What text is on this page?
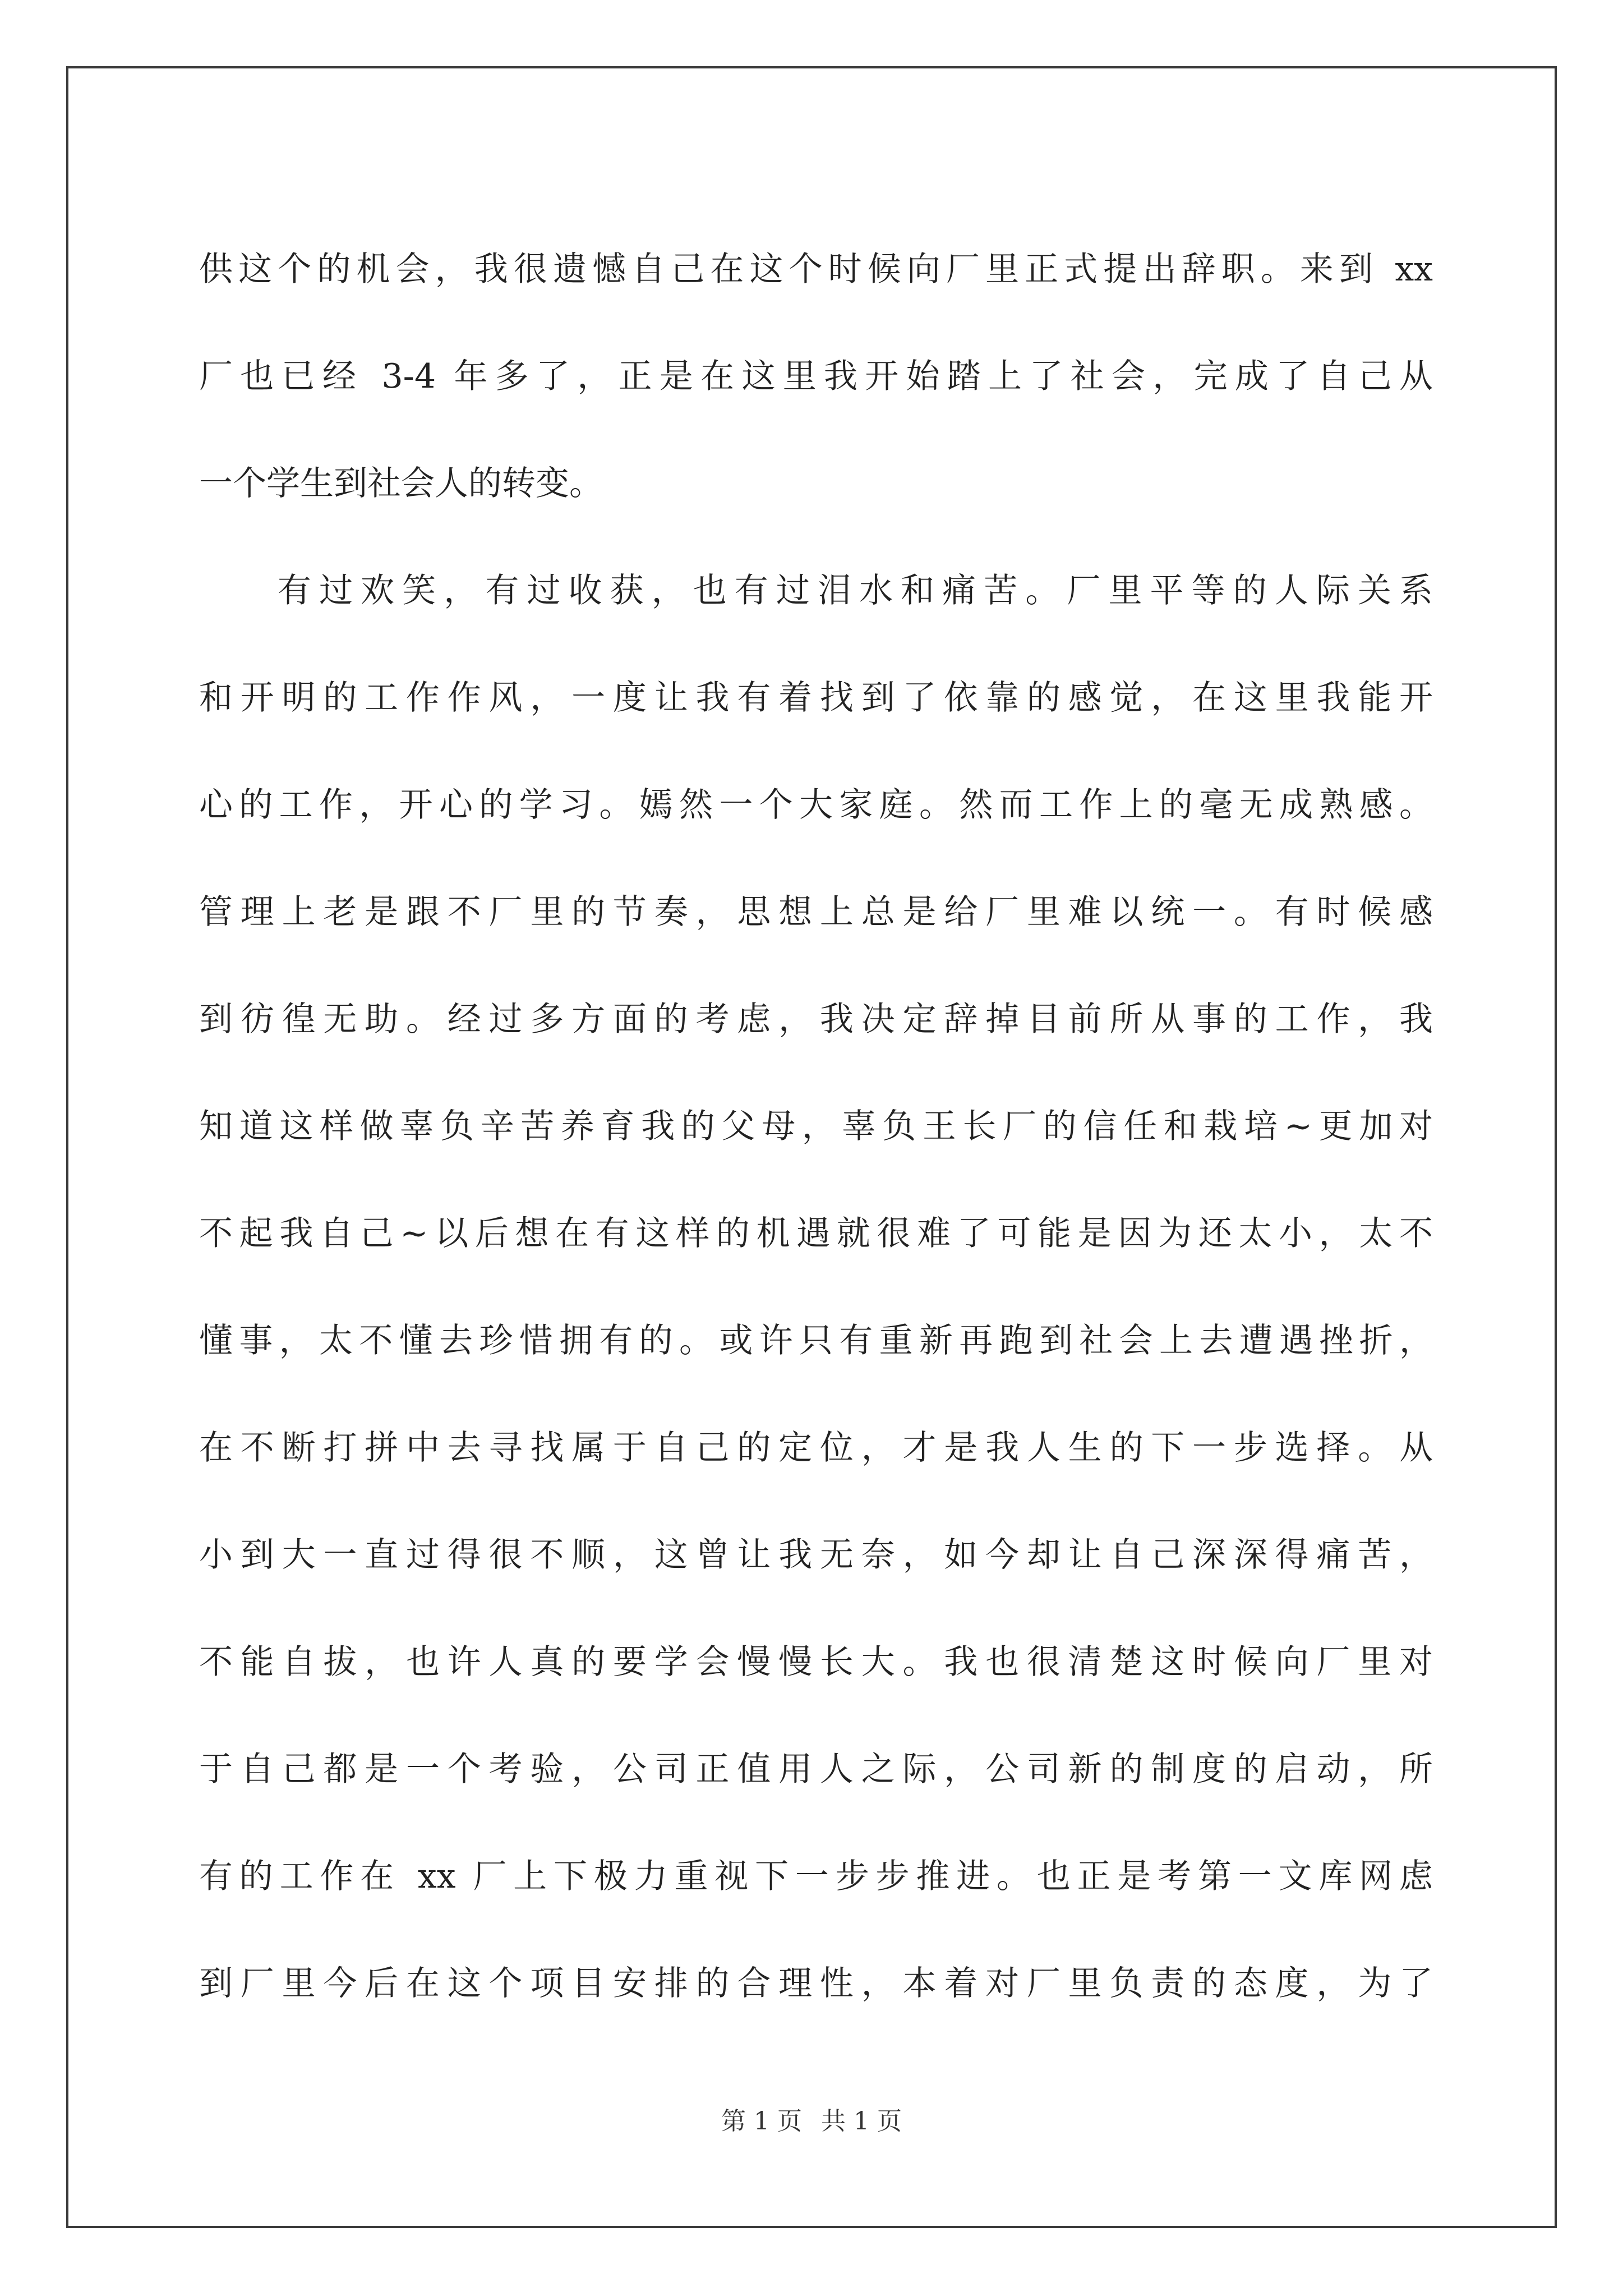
供这个的机会，我很遗憾自己在这个时候向厂里正式提出辞职。来到 xx
厂也已经 3-4 年多了，正是在这里我开始踏上了社会，完成了自己从
一个学生到社会人的转变。
有过欢笑，有过收获，也有过泪水和痛苦。厂里平等的人际关系
和开明的工作作风，一度让我有着找到了依靠的感觉，在这里我能开
心的工作，开心的学习。嫣然一个大家庭。然而工作上的毫无成熟感。
管理上老是跟不厂里的节奏，思想上总是给厂里难以统一。有时候感
到彷徨无助。经过多方面的考虑，我决定辞掉目前所从事的工作，我
知道这样做辜负辛苦养育我的父母，辜负王长厂的信任和栽培~更加对
不起我自己~以后想在有这样的机遇就很难了可能是因为还太小，太不
懂事，太不懂去珍惜拥有的。或许只有重新再跑到社会上去遭遇挫折，
在不断打拼中去寻找属于自己的定位，才是我人生的下一步选择。从
小到大一直过得很不顺，这曾让我无奈，如今却让自己深深得痛苦，
不能自拔，也许人真的要学会慢慢长大。我也很清楚这时候向厂里对
于自己都是一个考验，公司正值用人之际，公司新的制度的启动，所
有的工作在 xx 厂上下极力重视下一步步推进。也正是考第一文库网虑
到厂里今后在这个项目安排的合理性，本着对厂里负责的态度，为了
第 1 页 共 1 页
